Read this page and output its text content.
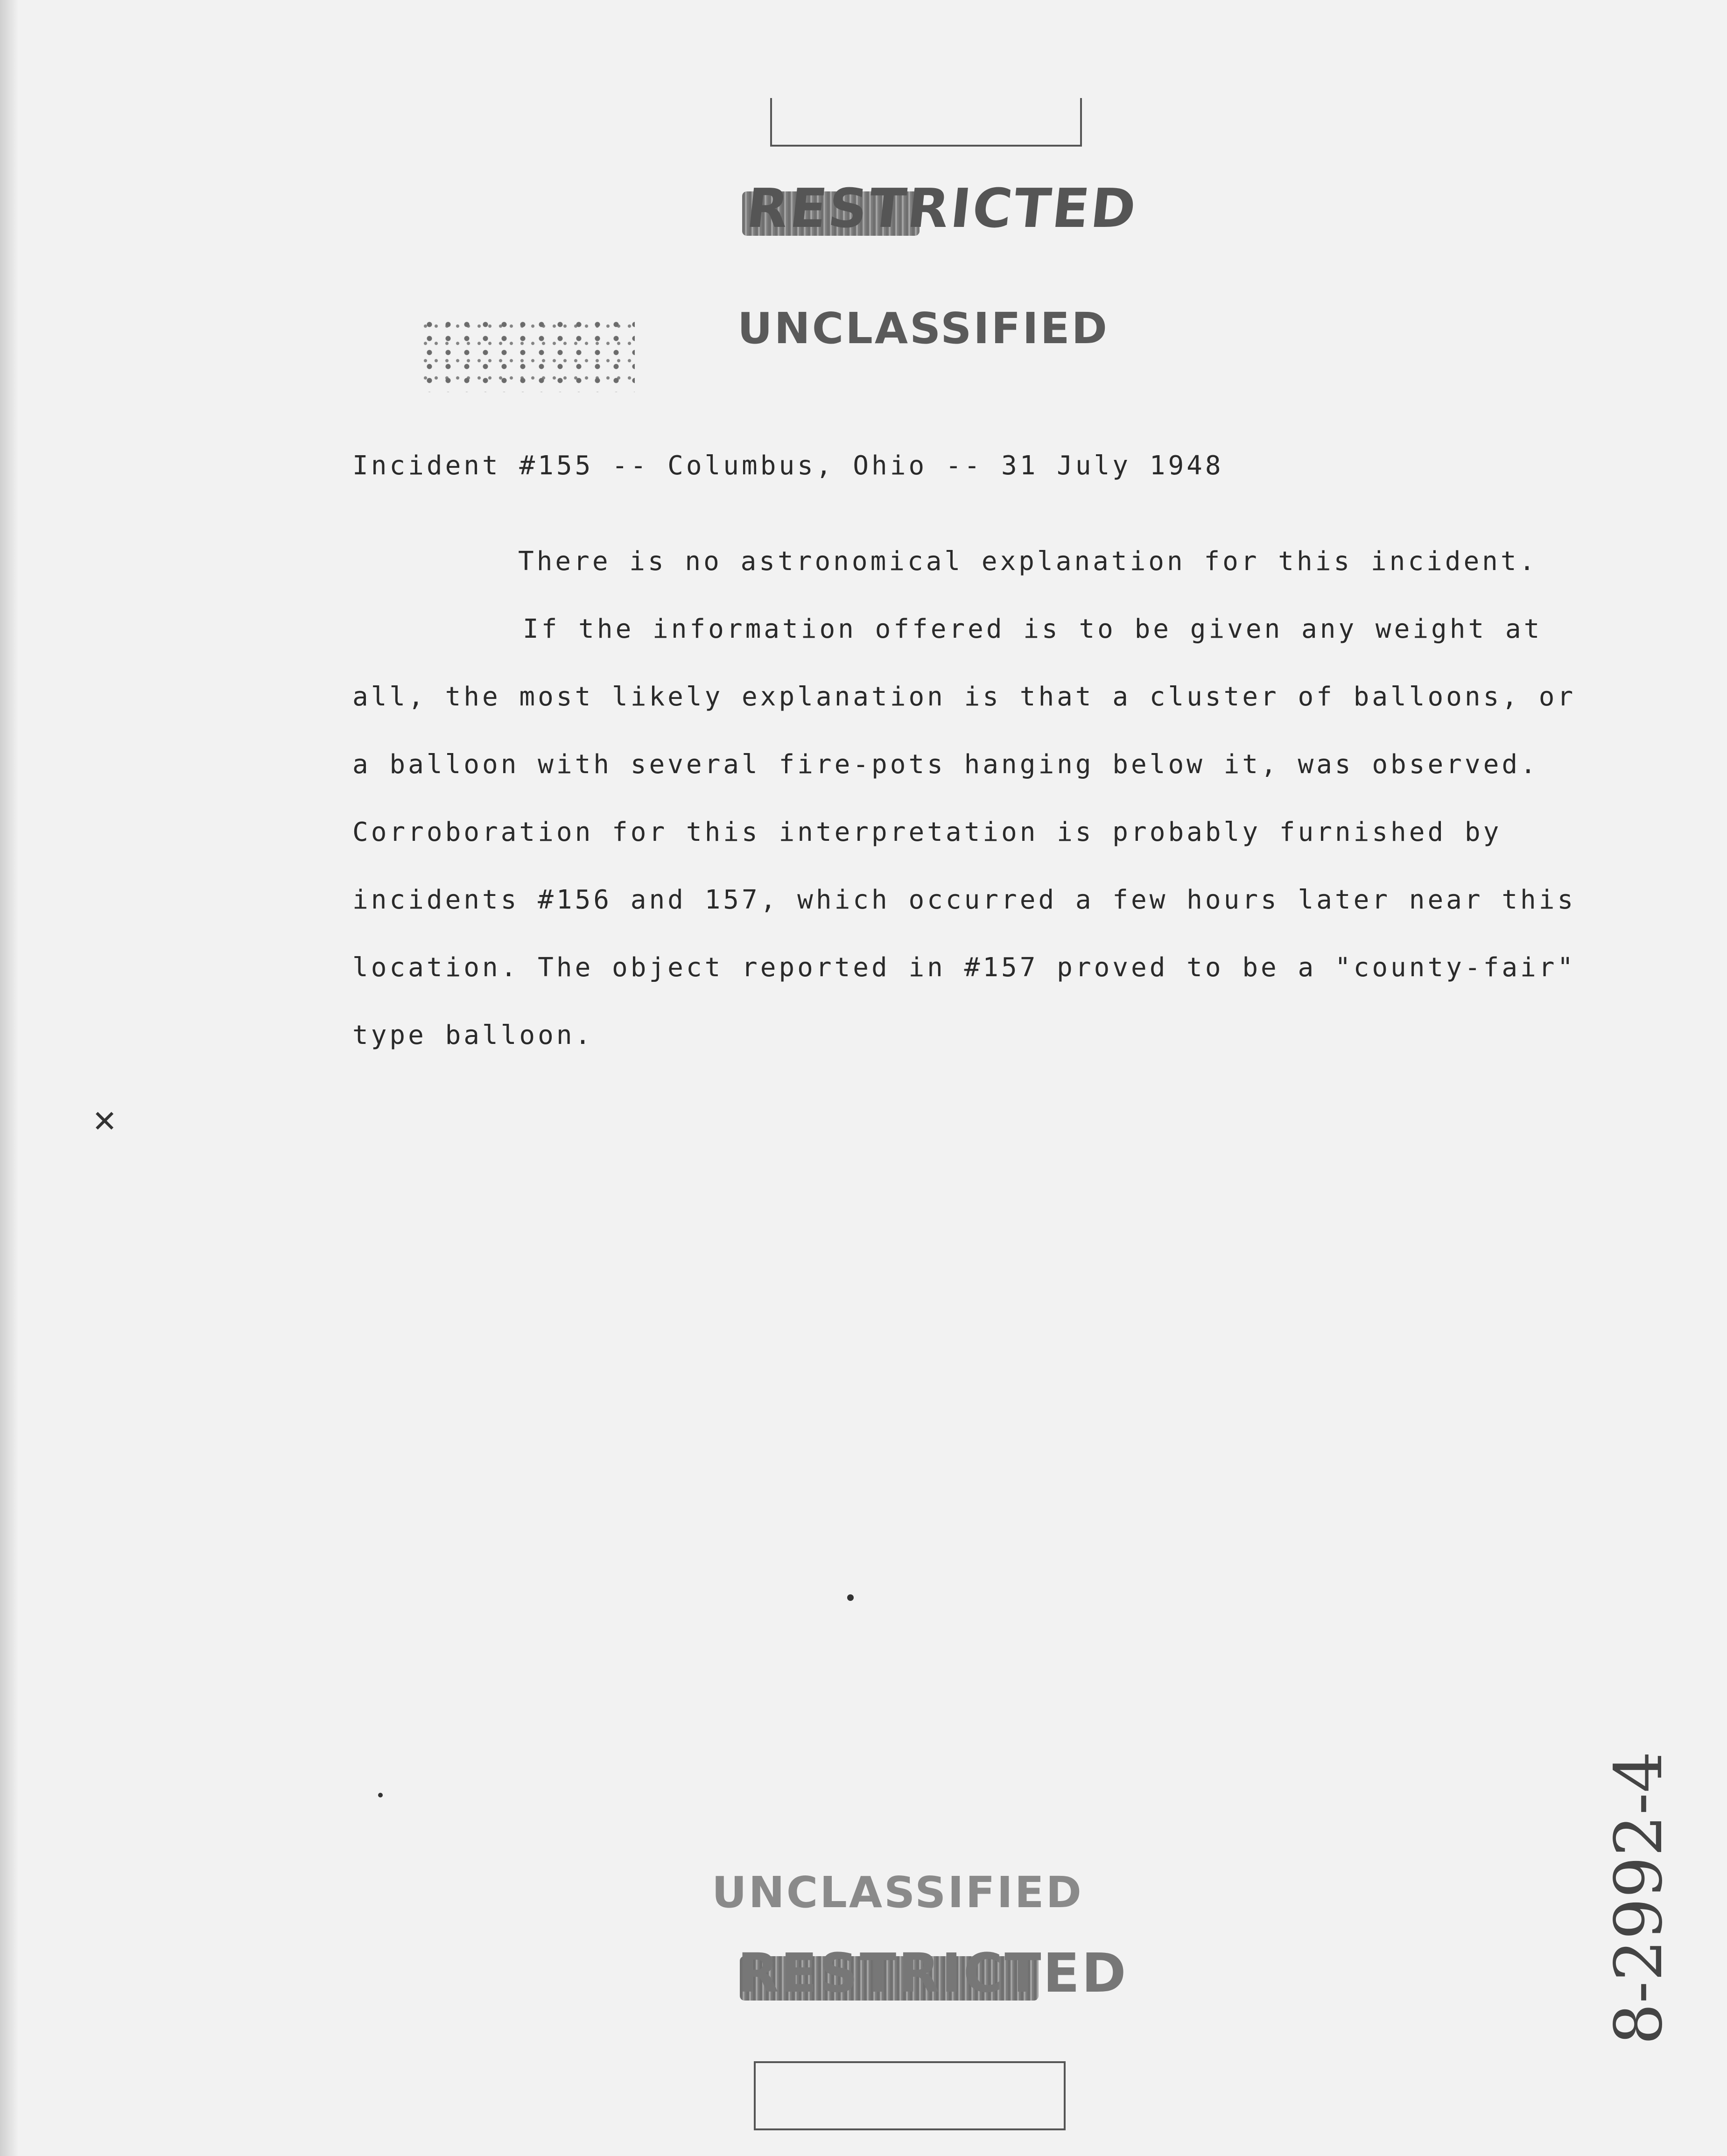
RESTRICTED
UNCLASSIFIED
Incident #155 -- Columbus, Ohio -- 31 July 1948
There is no astronomical explanation for this incident.
If the information offered is to be given any weight at
all, the most likely explanation is that a cluster of balloons, or
a balloon with several fire-pots hanging below it, was observed.
Corroboration for this interpretation is probably furnished by
incidents #156 and 157, which occurred a few hours later near this
location. The object reported in #157 proved to be a "county-fair"
type balloon.
✕
UNCLASSIFIED
RESTRICTED	8-2992-4
